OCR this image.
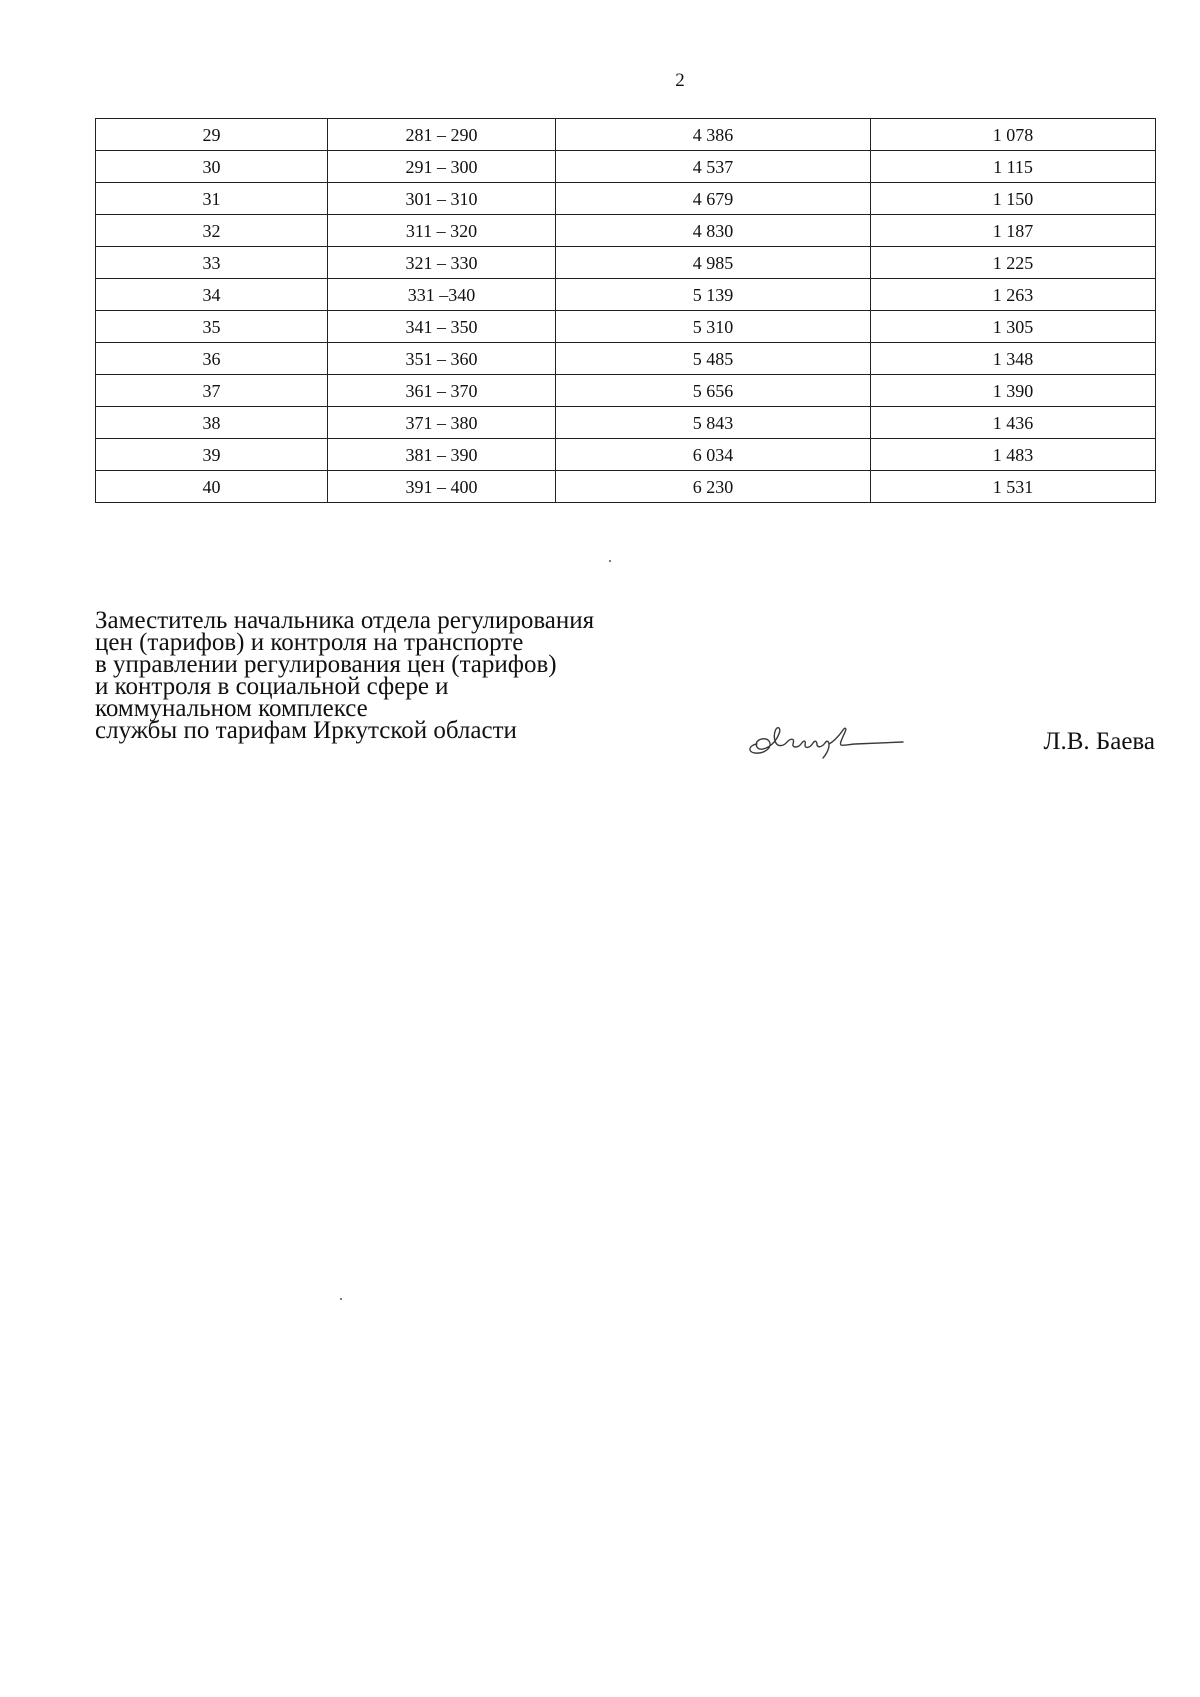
2
29	281 – 290	4 386	1 078
30	291 – 300	4 537	1 115
31	301 – 310	4 679	1 150
32	311 – 320	4 830	1 187
33	321 – 330	4 985	1 225
34	331 –340	5 139	1 263
35	341 – 350	5 310	1 305
36	351 – 360	5 485	1 348
37	361 – 370	5 656	1 390
38	371 – 380	5 843	1 436
39	381 – 390	6 034	1 483
40	391 – 400	6 230	1 531
Заместитель начальника отдела регулирования
цен (тарифов) и контроля на транспорте
в управлении регулирования цен (тарифов)
и контроля в социальной сфере и
коммунальном комплексе
службы по тарифам Иркутской области	Л.В. Баева
